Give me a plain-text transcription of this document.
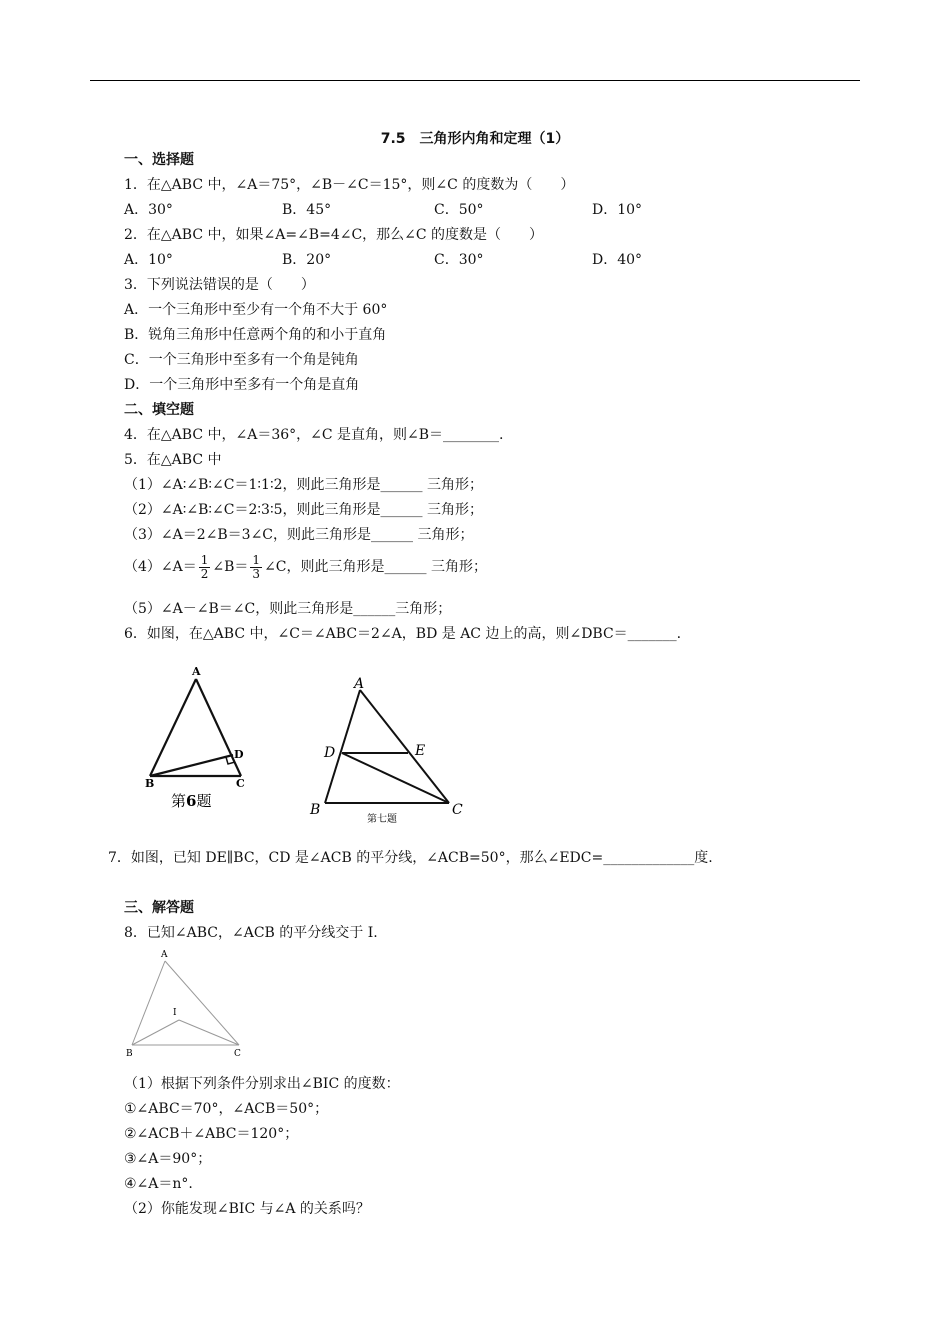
7.5　三角形内角和定理（1）
一、选择题
1．在△ABC 中，∠A＝75°，∠B－∠C＝15°，则∠C 的度数为（　　）
A．30°	B．45°	C．50°	D．10°
2．在△ABC 中，如果∠A=∠B=4∠C，那么∠C 的度数是（　　）
A．10°	B．20°	C．30°	D．40°
3．下列说法错误的是（　　）
A．一个三角形中至少有一个角不大于 60°
B．锐角三角形中任意两个角的和小于直角
C．一个三角形中至多有一个角是钝角
D．一个三角形中至多有一个角是直角
二、填空题
4．在△ABC 中，∠A＝36°，∠C 是直角，则∠B＝________.
5．在△ABC 中
（1）∠A∶∠B∶∠C＝1∶1∶2，则此三角形是______ 三角形；
（2）∠A∶∠B∶∠C＝2∶3∶5，则此三角形是______ 三角形；
（3）∠A＝2∠B＝3∠C，则此三角形是______ 三角形；
（4）∠A＝ $\frac{1}{2}$ ∠B＝ $\frac{1}{3}$ ∠C，则此三角形是______ 三角形；
（5）∠A－∠B＝∠C，则此三角形是______三角形；
6．如图，在△ABC 中，∠C＝∠ABC＝2∠A，BD 是 AC 边上的高，则∠DBC＝_______.
A
B	C
D
第6题
A
B	C
D	E
第七题
7．如图，已知 DE∥BC，CD 是∠ACB 的平分线，∠ACB=50°，那么∠EDC=_____________度.
三、解答题
8．已知∠ABC，∠ACB 的平分线交于 I.
A
B	C
I
（1）根据下列条件分别求出∠BIC 的度数：
①∠ABC＝70°，∠ACB＝50°；
②∠ACB＋∠ABC＝120°；
③∠A＝90°；
④∠A＝n°.
（2）你能发现∠BIC 与∠A 的关系吗？
